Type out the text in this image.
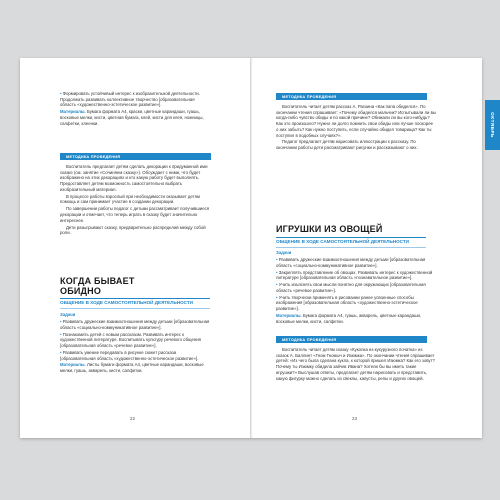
• Формировать устойчивый интерес к изобразительной деятельности. Продолжать развивать коллективное творчество [образовательная область «художественно-эстетическое развитие»].

Материалы. Бумага формата А4, краски, цветные карандаши, гуашь, восковые мелки, кисти, цветная бумага, клей, кисти для клея, ножницы, салфетки, клеенки.

МЕТОДИКА ПРОВЕДЕНИЯ

Воспитатель предлагает детям сделать декорации к придуманной ими сказке (см. занятие «Сочиняем сказку»). Обсуждает с ними, что будет изображено на этих декорациях и кто какую работу будет выполнять. Предоставляет детям возможность самостоятельно выбрать изобразительный материал.

В процессе работы взрослый при необходимости оказывает детям помощь и сам принимает участие в создании декорации.

По завершении работы педагог с детьми рассматривает получившиеся декорации и отмечает, что теперь играть в сказку будет значительно интереснее.

Дети разыгрывают сказку, предварительно распределив между собой роли.

КОГДА БЫВАЕТ
ОБИДНО
ОБЩЕНИЕ В ХОДЕ САМОСТОЯТЕЛЬНОЙ ДЕЯТЕЛЬНОСТИ
Задачи

• Развивать дружеские взаимоотношения между детьми [образовательная область «социально-коммуникативное развитие»].

• Познакомить детей с новым рассказом. Развивать интерес к художественной литературе. Воспитывать культуру речевого общения [образовательная область «речевое развитие»].

• Развивать умение передавать в рисунке сюжет рассказа [образовательная область «художественно-эстетическое развитие»].

Материалы. Листы бумаги формата А4, цветные карандаши, восковые мелки, гуашь, акварель, кисти, салфетки.

22
МЕТОДИКА ПРОВЕДЕНИЯ

Воспитатель читает детям рассказ А. Раскина «Как папа обиделся». По окончании чтения спрашивает: «Почему обиделся мальчик? Испытывали ли вы когда-либо чувство обиды и по какой причине? Обижали ли вы кого-нибудь? Как это произошло? Нужно ли долго помнить свои обиды или лучше поскорее о них забыть? Как нужно поступить, если случайно обидел товарища? Как ты поступил в подобных случаях?».

Педагог предлагает детям нарисовать иллюстрации к рассказу. По окончании работы дети рассматривают рисунки и рассказывают о них.

ИГРУШКИ ИЗ ОВОЩЕЙ
ОБЩЕНИЕ В ХОДЕ САМОСТОЯТЕЛЬНОЙ ДЕЯТЕЛЬНОСТИ
Задачи

• Развивать дружеские взаимоотношения между детьми [образовательная область «социально-коммуникативное развитие»].

• Закреплять представление об овощах. Развивать интерес к художественной литературе [образовательная область «познавательное развитие»].

• Учить изъяснять свои мысли понятно для окружающих [образовательная область «речевое развитие»].

• Учить творчески применять в рисовании ранее усвоенные способы изображения [образовательная область «художественно-эстетическое развитие»].

Материалы. Бумага формата А4, гуашь, акварель, цветные карандаши, восковые мелки, кисти, салфетки.

МЕТОДИКА ПРОВЕДЕНИЯ

Воспитатель читает детям сказку «Куколка из кукурузного початка» из сказок А. Баллинт «Гном Гномыч и Изюмка». По окончании чтения спрашивает детей: «Из чего была сделана кукла, к которой пришел Изюмка? Как его зовут? Почему ты Изюмку обидела зайчик Ивана? Хотели бы вы иметь такие игрушки?» Выслушав ответы, предлагает детям нарисовать и представить, какую фигурку можно сделать из свеклы, капусты, репы и других овощей.

23
ОКТЯБРЬ
